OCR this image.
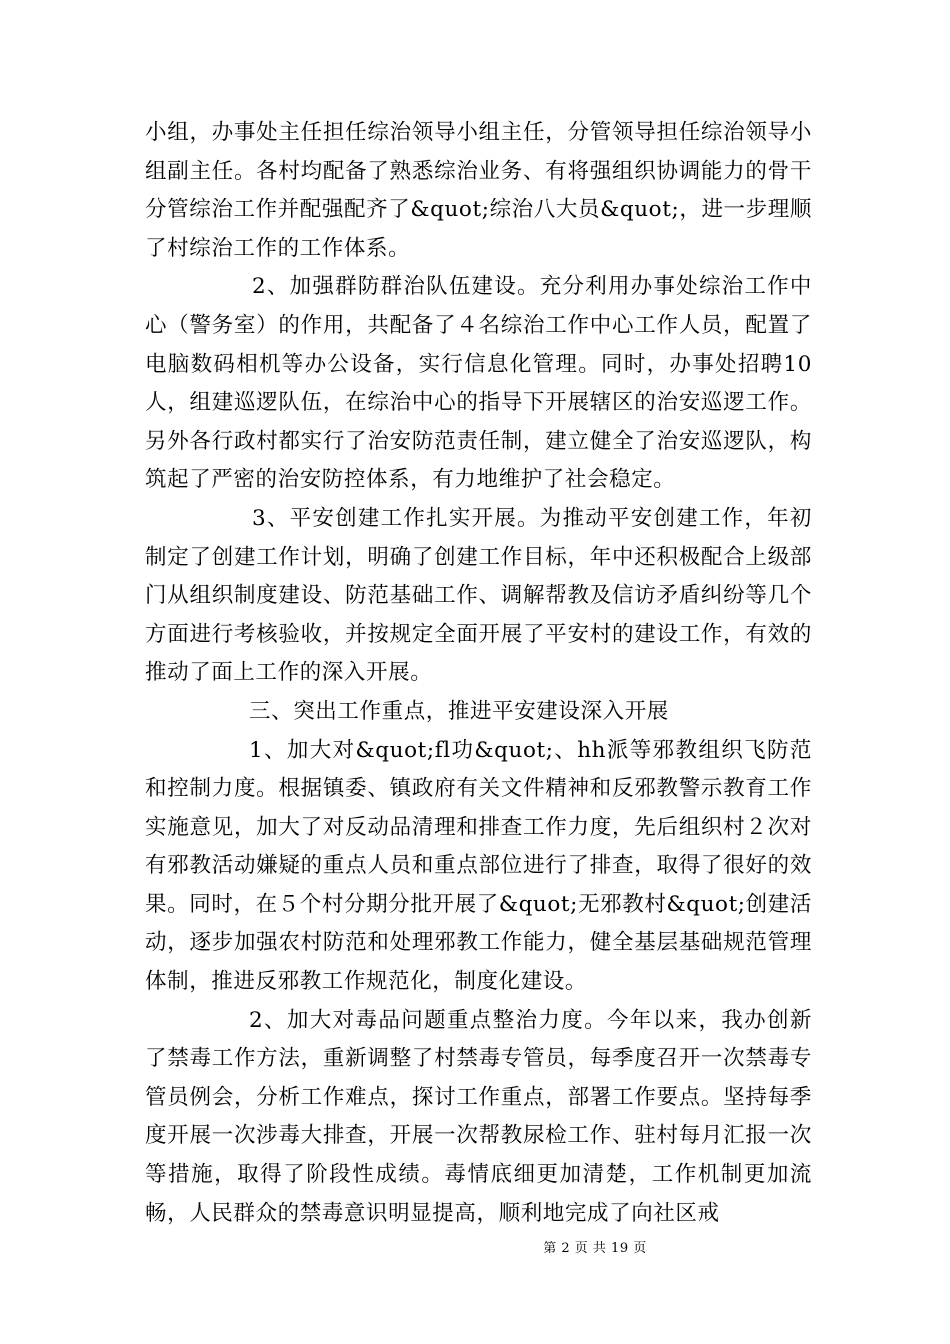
小组，办事处主任担任综治领导小组主任，分管领导担任综治领导小组副主任。各村均配备了熟悉综治业务、有将强组织协调能力的骨干分管综治工作并配强配齐了&quot;综治八大员&quot;，进一步理顺了村综治工作的工作体系。

2、加强群防群治队伍建设。充分利用办事处综治工作中心（警务室）的作用，共配备了４名综治工作中心工作人员，配置了电脑数码相机等办公设备，实行信息化管理。同时，办事处招聘10人，组建巡逻队伍，在综治中心的指导下开展辖区的治安巡逻工作。另外各行政村都实行了治安防范责任制，建立健全了治安巡逻队，构筑起了严密的治安防控体系，有力地维护了社会稳定。

3、平安创建工作扎实开展。为推动平安创建工作，年初制定了创建工作计划，明确了创建工作目标，年中还积极配合上级部门从组织制度建设、防范基础工作、调解帮教及信访矛盾纠纷等几个方面进行考核验收，并按规定全面开展了平安村的建设工作，有效的推动了面上工作的深入开展。

三、突出工作重点，推进平安建设深入开展

1、加大对&quot;fl功&quot;、hh派等邪教组织飞防范和控制力度。根据镇委、镇政府有关文件精神和反邪教警示教育工作实施意见，加大了对反动品清理和排查工作力度，先后组织村２次对有邪教活动嫌疑的重点人员和重点部位进行了排查，取得了很好的效果。同时，在５个村分期分批开展了&quot;无邪教村&quot;创建活动，逐步加强农村防范和处理邪教工作能力，健全基层基础规范管理体制，推进反邪教工作规范化，制度化建设。

2、加大对毒品问题重点整治力度。今年以来，我办创新了禁毒工作方法，重新调整了村禁毒专管员，每季度召开一次禁毒专管员例会，分析工作难点，探讨工作重点，部署工作要点。坚持每季度开展一次涉毒大排查，开展一次帮教尿检工作、驻村每月汇报一次等措施，取得了阶段性成绩。毒情底细更加清楚，工作机制更加流畅，人民群众的禁毒意识明显提高，顺利地完成了向社区戒

第 2 页 共 19 页
